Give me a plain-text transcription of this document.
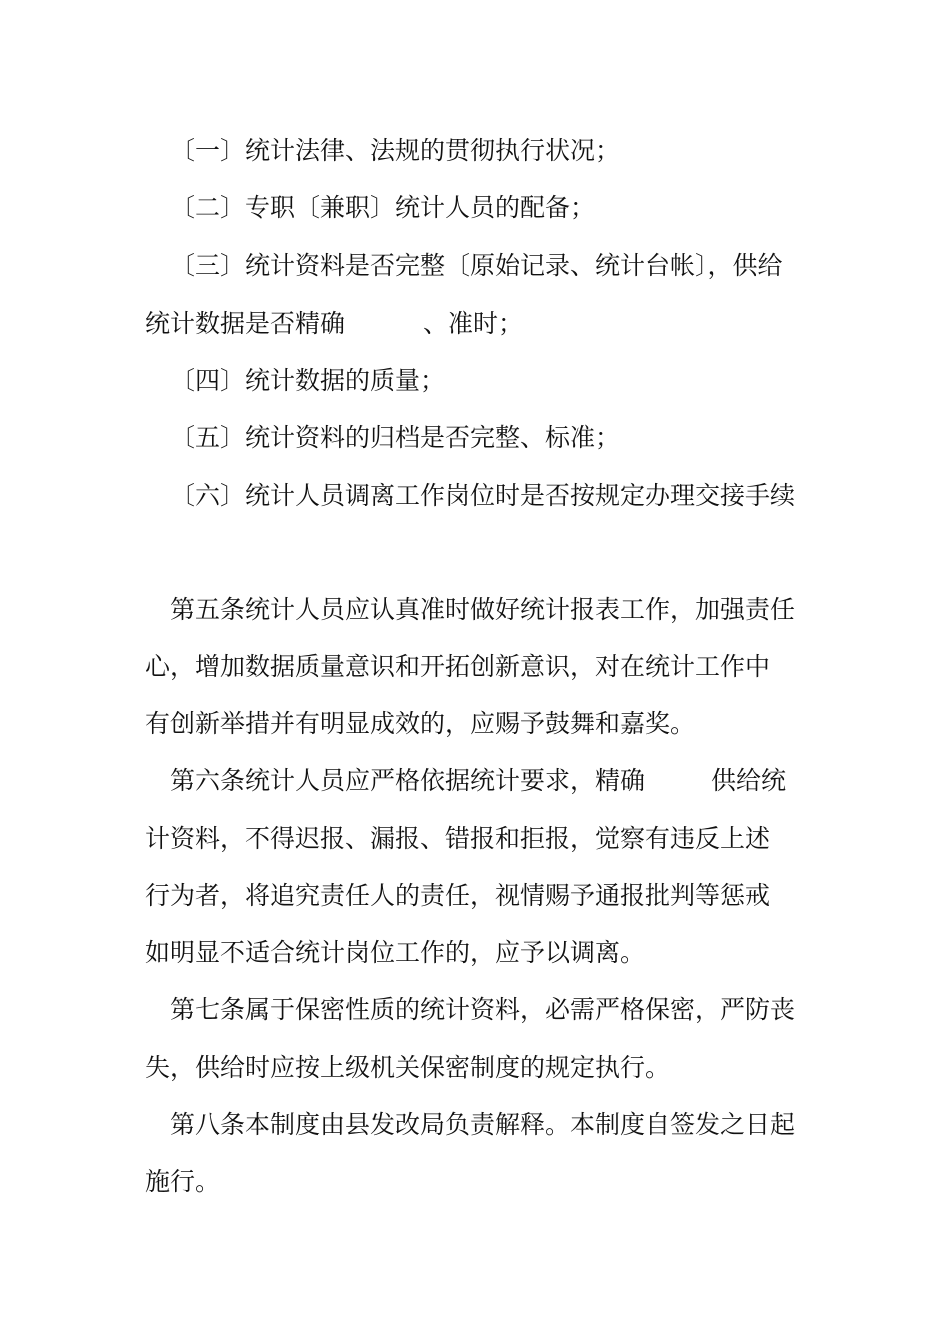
〔一〕统计法律、法规的贯彻执行状况；
〔二〕专职〔兼职〕统计人员的配备；
〔三〕统计资料是否完整〔原始记录、统计台帐〕，供给
统计数据是否精确	、准时；
〔四〕统计数据的质量；
〔五〕统计资料的归档是否完整、标准；
〔六〕统计人员调离工作岗位时是否按规定办理交接手续
第五条统计人员应认真准时做好统计报表工作，加强责任
心，增加数据质量意识和开拓创新意识，对在统计工作中
有创新举措并有明显成效的，应赐予鼓舞和嘉奖。
第六条统计人员应严格依据统计要求，精确	供给统
计资料，不得迟报、漏报、错报和拒报，觉察有违反上述
行为者，将追究责任人的责任，视情赐予通报批判等惩戒
如明显不适合统计岗位工作的，应予以调离。
第七条属于保密性质的统计资料，必需严格保密，严防丧
失，供给时应按上级机关保密制度的规定执行。
第八条本制度由县发改局负责解释。本制度自签发之日起
施行。
